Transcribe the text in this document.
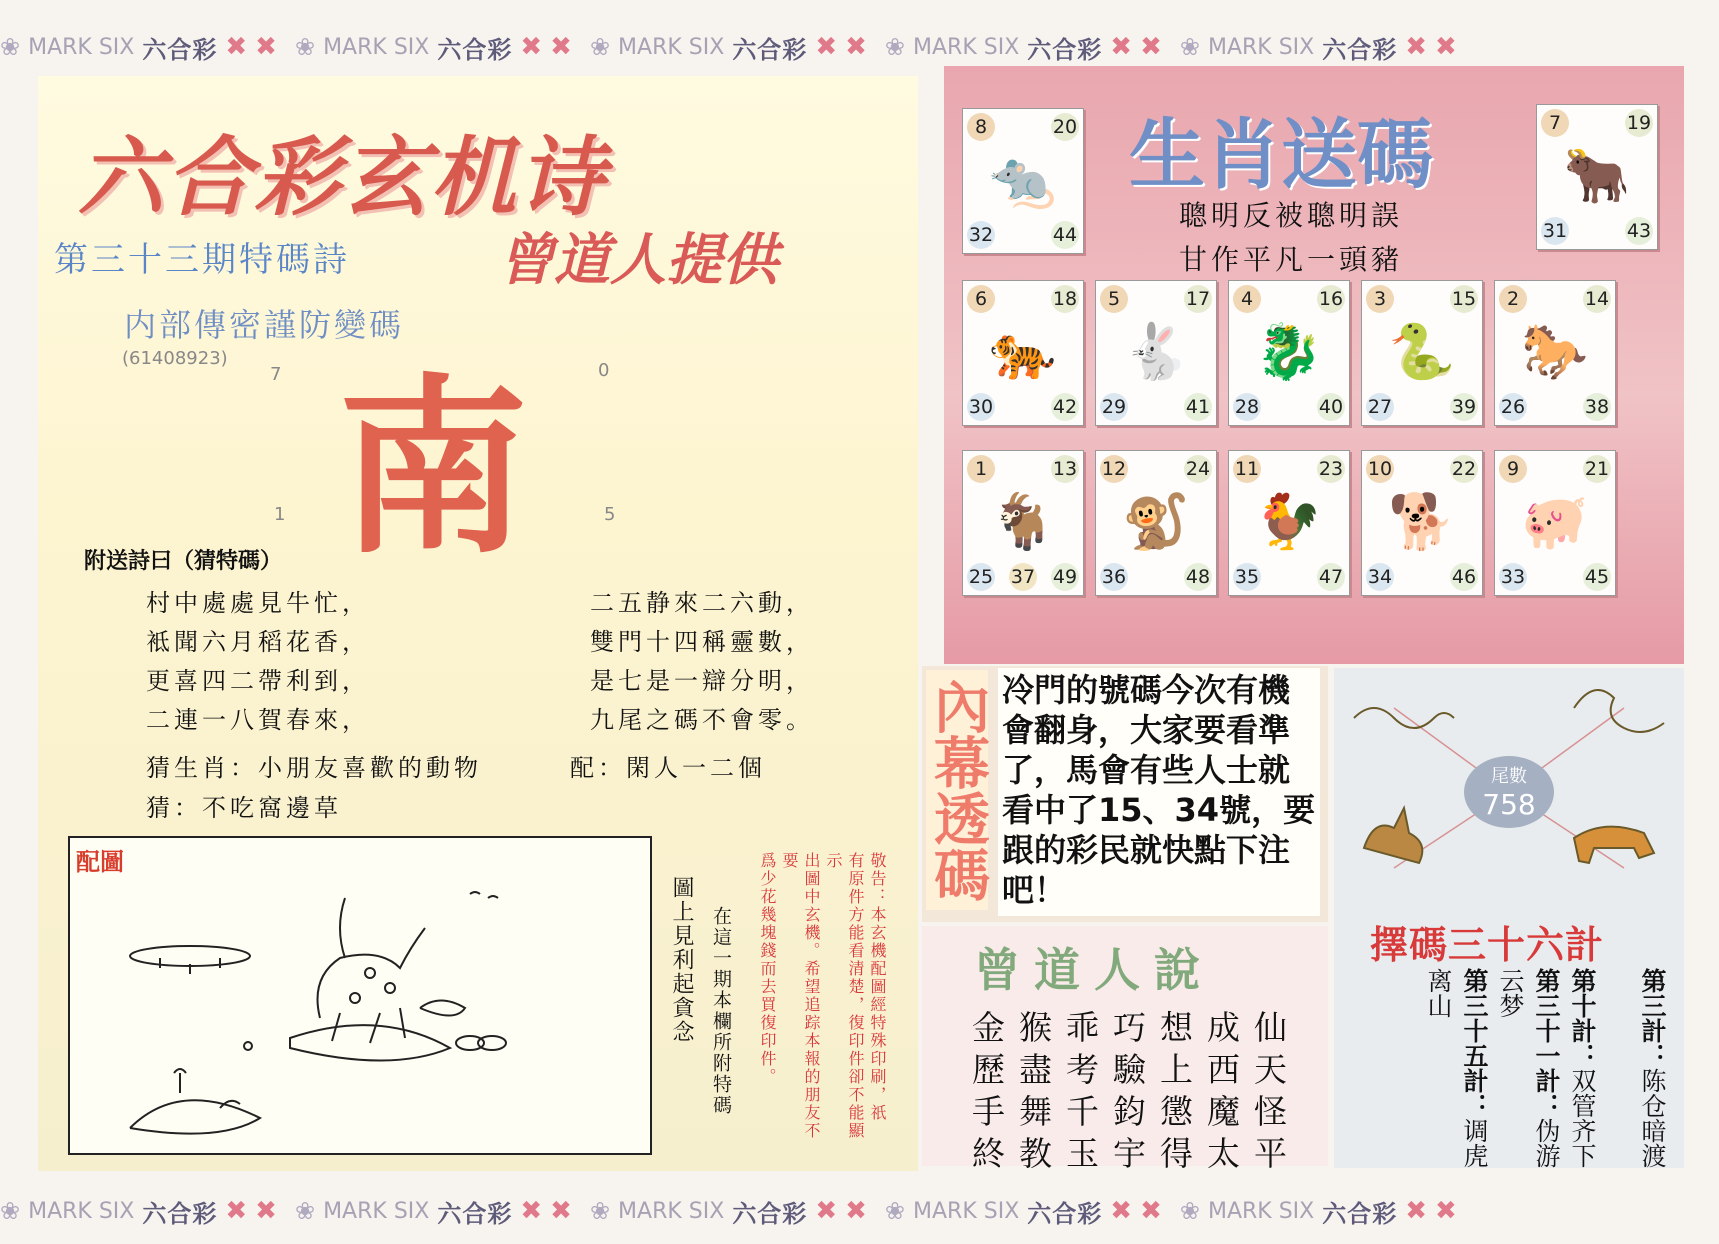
❀ MARK SIX 六合彩 ✖ ✖ ❀ MARK SIX 六合彩 ✖ ✖ ❀ MARK SIX 六合彩 ✖ ✖ ❀ MARK SIX 六合彩 ✖ ✖ ❀ MARK SIX 六合彩 ✖ ✖
六合彩玄机诗
第三十三期特碼詩	曾道人提供
内部傳密謹防變碼
(61408923)
7	0
1	5
南
附送詩曰（猜特碼）
村中處處見牛忙，
袛聞六月稻花香，
更喜四二帶利到，
二連一八賀春來，
二五静來二六動，
雙門十四稱靈數，
是七是一辯分明，
九尾之碼不會零。
猜生肖：小朋友喜歡的動物	配：閑人一二個
猜：不吃窩邊草
配圖
圖上見利起貪念 在這一期本欄所附特碼	敬告：本玄機配圖經特殊印刷，祇
有原件方能看清楚，復印件卻不能顯示
出圖中玄機。希望追踪本報的朋友不要
爲少花幾塊錢而去買復印件。
生肖送碼
聰明反被聰明誤
甘作平凡一頭豬
🐀
8	20
32	44
🐂
7	19
31	43
🐅
6	18
30	42
🐇
5	17
29	41
🐉
4	16
28	40
🐍
3	15
27	39
🐎
2	14
26	38
🐐
1	13
25 37 49
🐒
12	24
36	48
🐓
11	23
35	47
🐕
10	22
34	46
🐖
9	21
33	45
內幕透碼 冷門的號碼今次有機會翻身，大家要看準了，馬會有些人士就看中了15、34號，要跟的彩民就快點下注吧！
曾道人說
金猴乖巧想成仙
歷盡考驗上西天
手舞千鈞懲魔怪
終教玉宇得太平
尾數
758
擇碼三十六計
第三計：陈仓暗渡
第十計：双管齐下
第三十一計：伪游云梦
第三十五計：调虎离山
❀ MARK SIX 六合彩 ✖ ✖ ❀ MARK SIX 六合彩 ✖ ✖ ❀ MARK SIX 六合彩 ✖ ✖ ❀ MARK SIX 六合彩 ✖ ✖ ❀ MARK SIX 六合彩 ✖ ✖
